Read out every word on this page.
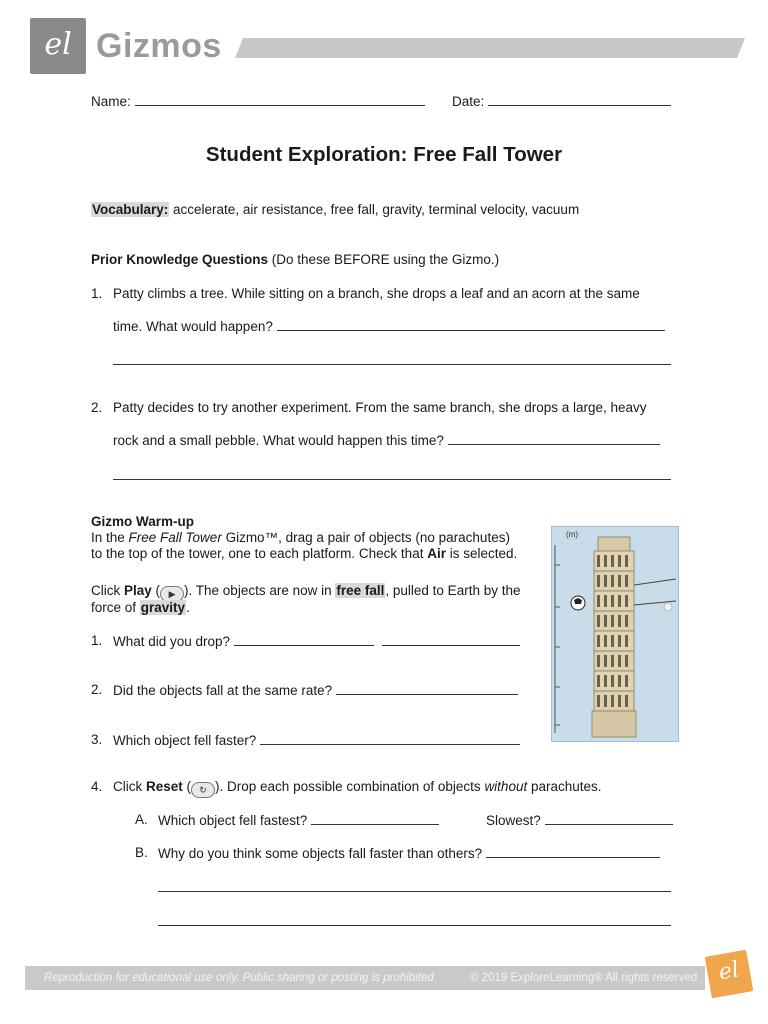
el Gizmos
Name:	Date:
Student Exploration: Free Fall Tower
Vocabulary: accelerate, air resistance, free fall, gravity, terminal velocity, vacuum
Prior Knowledge Questions (Do these BEFORE using the Gizmo.)
1. Patty climbs a tree. While sitting on a branch, she drops a leaf and an acorn at the same
time. What would happen?
2. Patty decides to try another experiment. From the same branch, she drops a large, heavy
rock and a small pebble. What would happen this time?
Gizmo Warm-up
In the Free Fall Tower Gizmo™, drag a pair of objects (no parachutes)
to the top of the tower, one to each platform. Check that Air is selected.
Click Play ( ▶ ). The objects are now in free fall, pulled to Earth by the
force of gravity.
1. What did you drop?
2. Did the objects fall at the same rate?
3. Which object fell faster?
4. Click Reset ( ↻ ). Drop each possible combination of objects without parachutes.
A. Which object fell fastest?	Slowest?
B. Why do you think some objects fall faster than others?
(m)
Reproduction for educational use only. Public sharing or posting is prohibited.	© 2019 ExploreLearning® All rights reserved el
